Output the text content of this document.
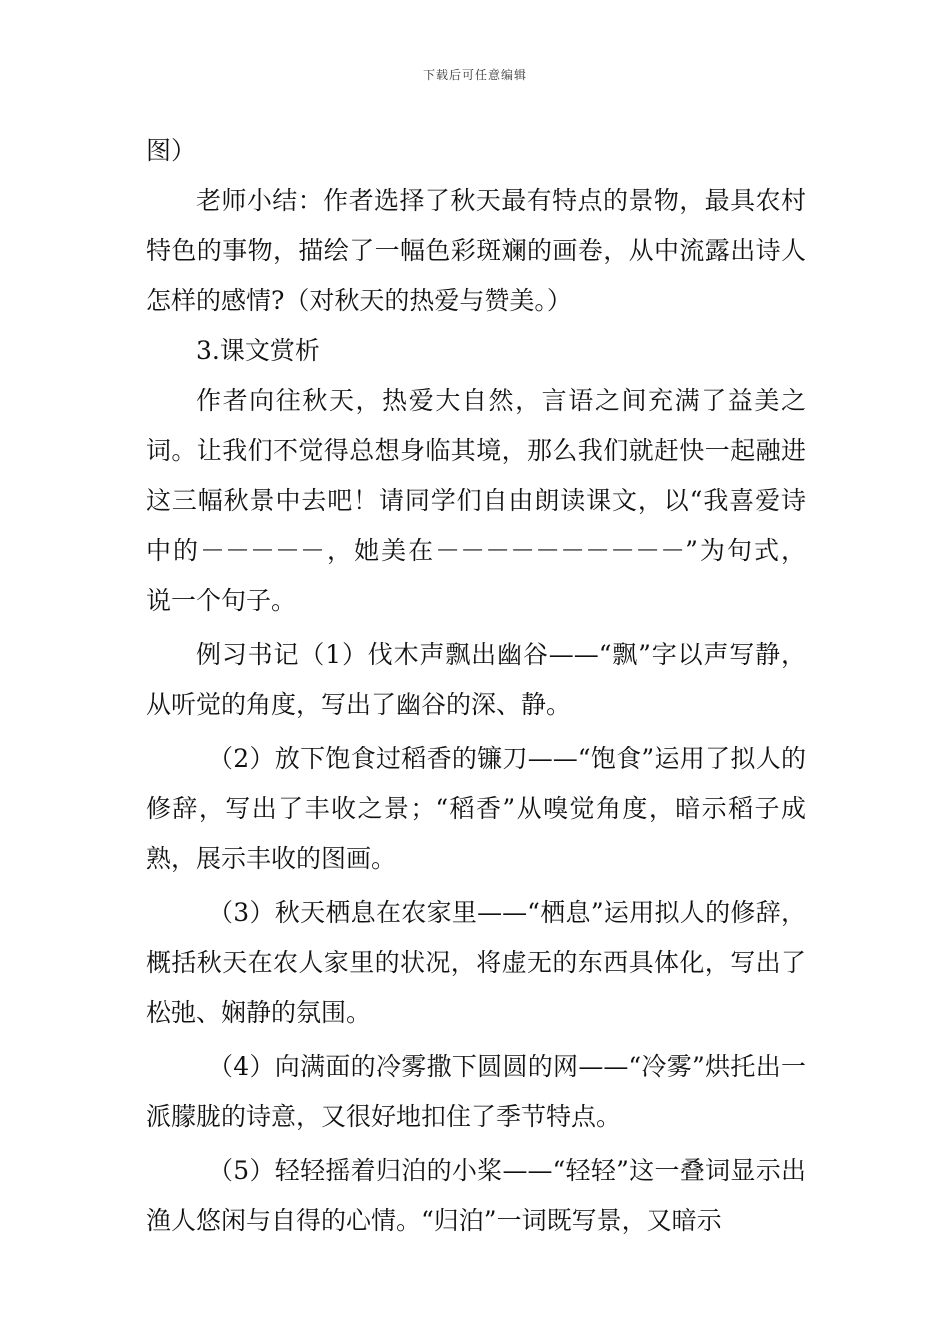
下载后可任意编辑

图）

老师小结：作者选择了秋天最有特点的景物，最具农村特色的事物，描绘了一幅色彩斑斓的画卷，从中流露出诗人怎样的感情?（对秋天的热爱与赞美。）

3.课文赏析

作者向往秋天，热爱大自然，言语之间充满了益美之词。让我们不觉得总想身临其境，那么我们就赶快一起融进这三幅秋景中去吧！请同学们自由朗读课文，以“我喜爱诗中的－－－－－，她美在－－－－－－－－－－”为句式，说一个句子。

例习书记（1）伐木声飘出幽谷——“飘”字以声写静，从听觉的角度，写出了幽谷的深、静。

（2）放下饱食过稻香的镰刀——“饱食”运用了拟人的修辞，写出了丰收之景；“稻香”从嗅觉角度，暗示稻子成熟，展示丰收的图画。

（3）秋天栖息在农家里——“栖息”运用拟人的修辞，概括秋天在农人家里的状况，将虚无的东西具体化，写出了松弛、娴静的氛围。

（4）向满面的冷雾撒下圆圆的网——“冷雾”烘托出一派朦胧的诗意，又很好地扣住了季节特点。

（5）轻轻摇着归泊的小桨——“轻轻”这一叠词显示出渔人悠闲与自得的心情。“归泊”一词既写景，又暗示
